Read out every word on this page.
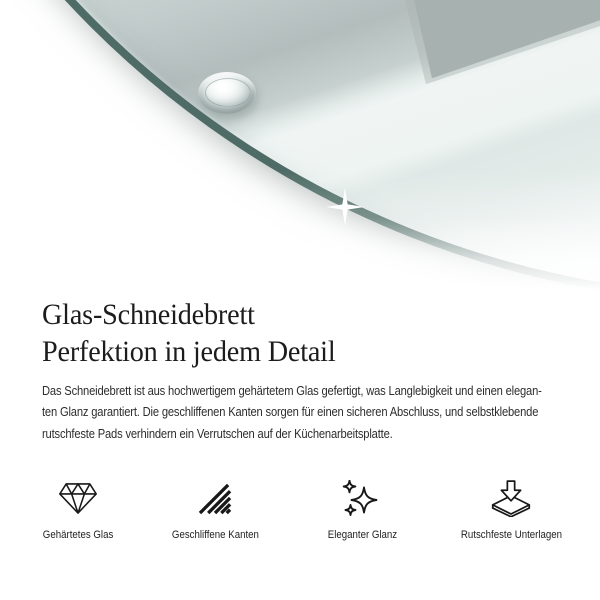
Glas-Schneidebrett
Perfektion in jedem Detail

Das Schneidebrett ist aus hochwertigem gehärtetem Glas gefertigt, was Langlebigkeit und einen elegan-
ten Glanz garantiert. Die geschliffenen Kanten sorgen für einen sicheren Abschluss, und selbstklebende
rutschfeste Pads verhindern ein Verrutschen auf der Küchenarbeitsplatte.

Gehärtetes Glas	Geschliffene Kanten	Eleganter Glanz	Rutschfeste Unterlagen
